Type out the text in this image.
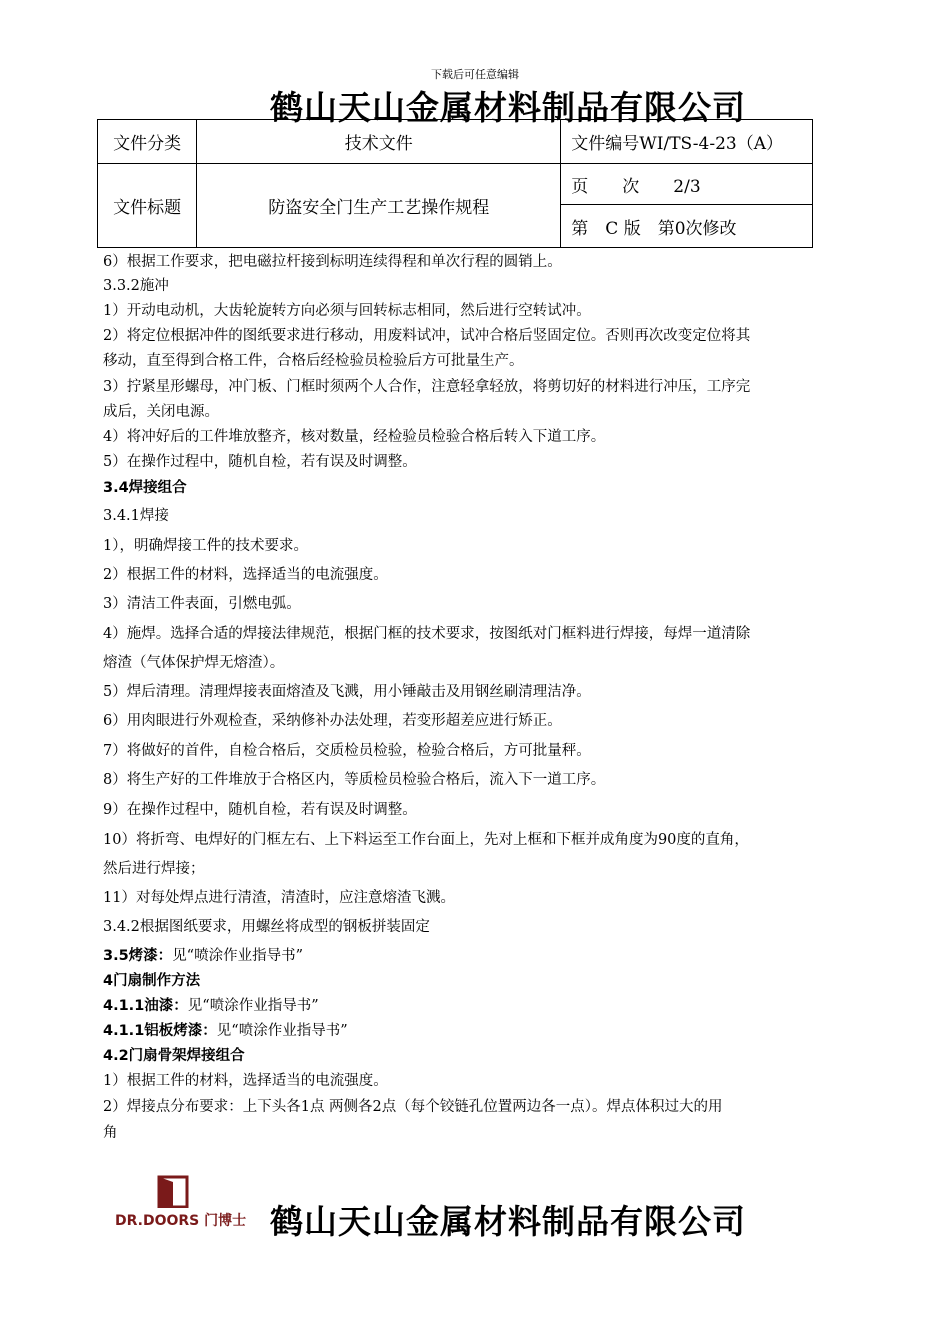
下载后可任意编辑
鹤山天山金属材料制品有限公司
文件分类	技术文件	文件编号WI/TS-4-23（A）
文件标题	防盗安全门生产工艺操作规程	页　　次　　2/3
		第　C 版　第0次修改

6）根据工作要求，把电磁拉杆接到标明连续得程和单次行程的圆销上。

3.3.2施冲

1）开动电动机，大齿轮旋转方向必须与回转标志相同，然后进行空转试冲。

2）将定位根据冲件的图纸要求进行移动，用废料试冲，试冲合格后竖固定位。否则再次改变定位将其

移动，直至得到合格工件，合格后经检验员检验后方可批量生产。

3）拧紧星形螺母，冲门板、门框时须两个人合作，注意轻拿轻放，将剪切好的材料进行冲压，工序完

成后，关闭电源。

4）将冲好后的工件堆放整齐，核对数量，经检验员检验合格后转入下道工序。

5）在操作过程中，随机自检，若有误及时调整。

3.4焊接组合

3.4.1焊接

1），明确焊接工件的技术要求。

2）根据工件的材料，选择适当的电流强度。

3）清洁工件表面，引燃电弧。

4）施焊。选择合适的焊接法律规范，根据门框的技术要求，按图纸对门框料进行焊接，每焊一道清除

熔渣（气体保护焊无熔渣）。

5）焊后清理。清理焊接表面熔渣及飞溅，用小锤敲击及用钢丝刷清理洁净。

6）用肉眼进行外观检查，采纳修补办法处理，若变形超差应进行矫正。

7）将做好的首件，自检合格后，交质检员检验，检验合格后，方可批量秤。

8）将生产好的工件堆放于合格区内，等质检员检验合格后，流入下一道工序。

9）在操作过程中，随机自检，若有误及时调整。

10）将折弯、电焊好的门框左右、上下料运至工作台面上，先对上框和下框并成角度为90度的直角，

然后进行焊接；

11）对每处焊点进行清渣，清渣时，应注意熔渣飞溅。

3.4.2根据图纸要求，用螺丝将成型的钢板拼装固定

3.5烤漆：见“喷涂作业指导书”

4门扇制作方法

4.1.1油漆：见“喷涂作业指导书”

4.1.1铝板烤漆：见“喷涂作业指导书”

4.2门扇骨架焊接组合

1）根据工件的材料，选择适当的电流强度。

2）焊接点分布要求：上下头各1点 两侧各2点（每个铰链孔位置两边各一点）。焊点体积过大的用

角

DR.DOORS 门博士 鹤山天山金属材料制品有限公司
